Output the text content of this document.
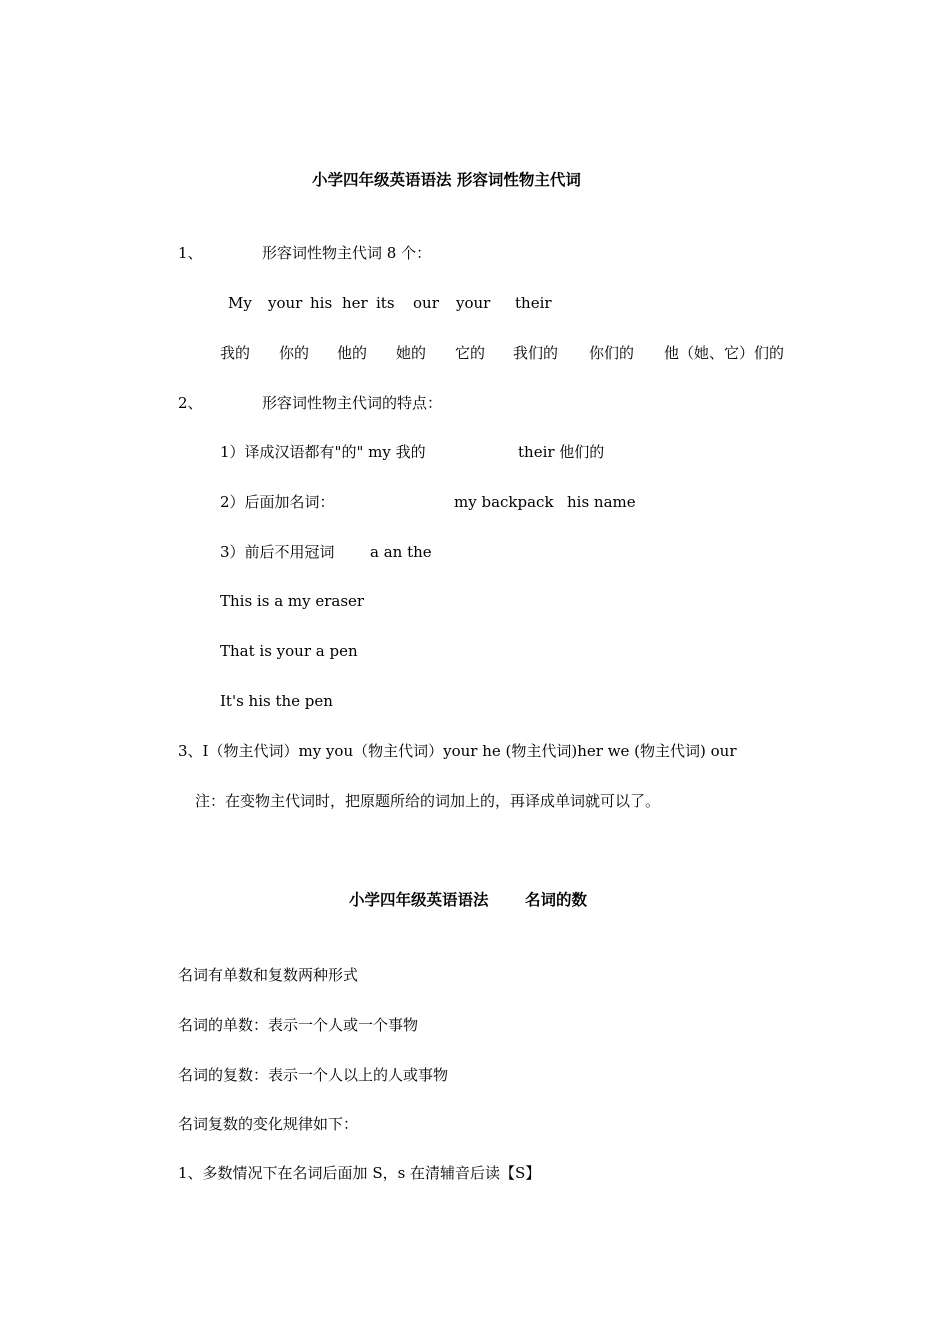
小学四年级英语语法 形容词性物主代词
1、	形容词性物主代词 8 个：
My your his her its our your their
我的 你的 他的 她的 它的 我们的 你们的 他（她、它）们的
2、	形容词性物主代词的特点：
1）译成汉语都有"的" my 我的	their 他们的
2）后面加名词：	my backpack his name
3）前后不用冠词 a an the
This is a my eraser
That is your a pen
It's his the pen
3、I（物主代词）my you（物主代词）your he (物主代词)her we (物主代词) our
注：在变物主代词时，把原题所给的词加上的，再译成单词就可以了。
小学四年级英语语法 名词的数
名词有单数和复数两种形式
名词的单数：表示一个人或一个事物
名词的复数：表示一个人以上的人或事物
名词复数的变化规律如下：
1、多数情况下在名词后面加 S，s 在清辅音后读【S】
